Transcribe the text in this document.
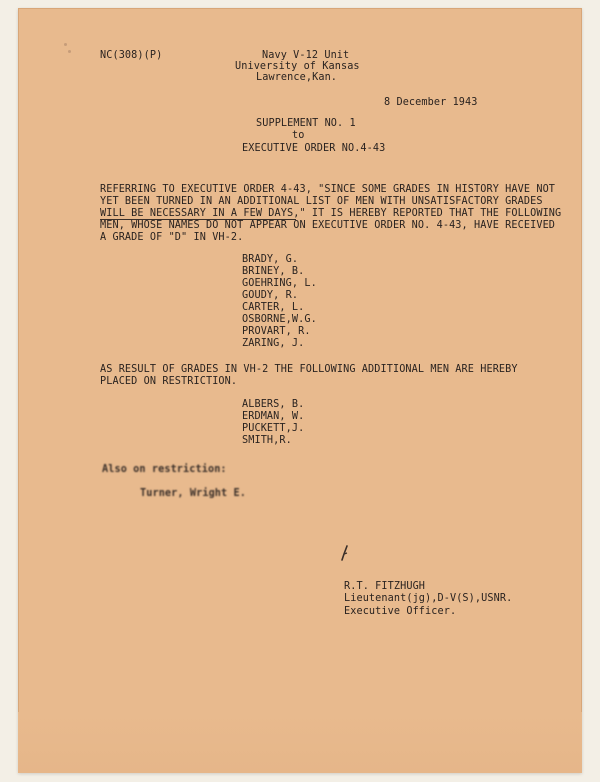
NC(308)(P)	Navy V-12 Unit
University of Kansas
Lawrence,Kan.
8 December 1943
SUPPLEMENT NO. 1
to
EXECUTIVE ORDER NO.4-43
REFERRING TO EXECUTIVE ORDER 4-43, "SINCE SOME GRADES IN HISTORY HAVE NOT
YET BEEN TURNED IN AN ADDITIONAL LIST OF MEN WITH UNSATISFACTORY GRADES
WILL BE NECESSARY IN A FEW DAYS," IT IS HEREBY REPORTED THAT THE FOLLOWING
MEN, WHOSE NAMES DO NOT APPEAR ON EXECUTIVE ORDER NO. 4-43, HAVE RECEIVED
A GRADE OF "D" IN VH-2.
BRADY, G.
BRINEY, B.
GOEHRING, L.
GOUDY, R.
CARTER, L.
OSBORNE,W.G.
PROVART, R.
ZARING, J.
AS RESULT OF GRADES IN VH-2 THE FOLLOWING ADDITIONAL MEN ARE HEREBY
PLACED ON RESTRICTION.
ALBERS, B.
ERDMAN, W.
PUCKETT,J.
SMITH,R.
Also on restriction:
Turner, Wright E.
R.T. FITZHUGH
Lieutenant(jg),D-V(S),USNR.
Executive Officer.
